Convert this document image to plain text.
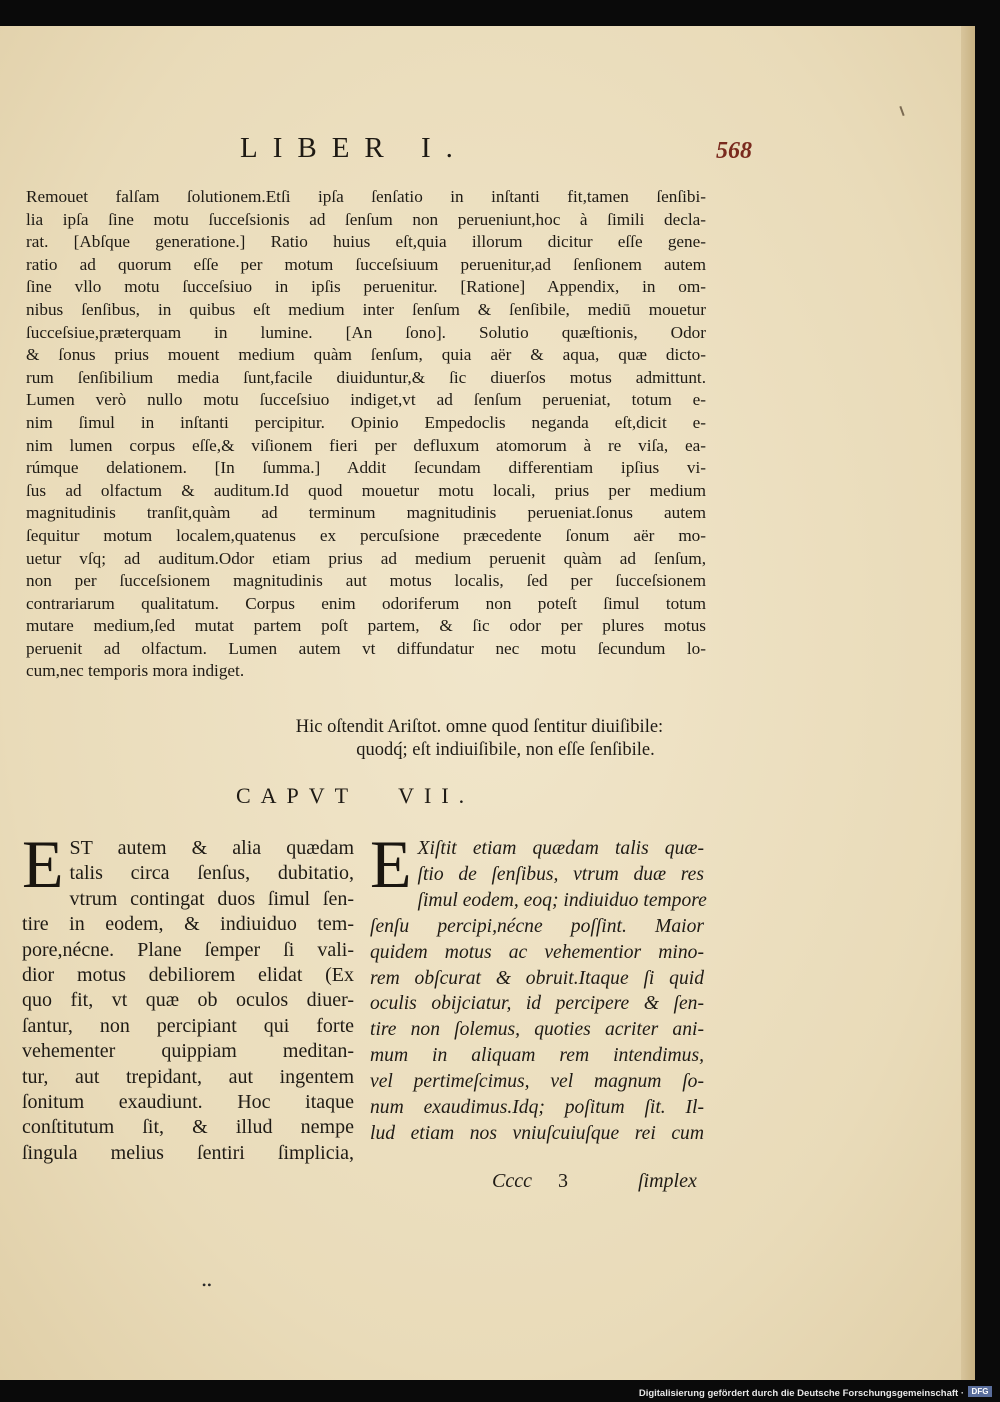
LIBER I.	568
Remouet falſam ſolutionem.Etſi ipſa ſenſatio in inſtanti fit,tamen ſenſibi-
lia ipſa ſine motu ſucceſsionis ad ſenſum non perueniunt,hoc à ſimili decla-
rat. [Abſque generatione.] Ratio huius eſt,quia illorum dicitur eſſe gene-
ratio ad quorum eſſe per motum ſucceſsiuum peruenitur,ad ſenſionem autem
ſine vllo motu ſucceſsiuo in ipſis peruenitur. [Ratione] Appendix, in om-
nibus ſenſibus, in quibus eſt medium inter ſenſum & ſenſibile, mediū mouetur
ſucceſsiue,præterquam in lumine. [An ſono]. Solutio quæſtionis, Odor
& ſonus prius mouent medium quàm ſenſum, quia aër & aqua, quæ dicto-
rum ſenſibilium media ſunt,facile diuiduntur,& ſic diuerſos motus admittunt.
Lumen verò nullo motu ſucceſsiuo indiget,vt ad ſenſum perueniat, totum e-
nim ſimul in inſtanti percipitur. Opinio Empedoclis neganda eſt,dicit e-
nim lumen corpus eſſe,& viſionem fieri per defluxum atomorum à re viſa, ea-
rúmque delationem. [In ſumma.] Addit ſecundam differentiam ipſius vi-
ſus ad olfactum & auditum.Id quod mouetur motu locali, prius per medium
magnitudinis tranſit,quàm ad terminum magnitudinis perueniat.ſonus autem
ſequitur motum localem,quatenus ex percuſsione præcedente ſonum aër mo-
uetur vſq; ad auditum.Odor etiam prius ad medium peruenit quàm ad ſenſum,
non per ſucceſsionem magnitudinis aut motus localis, ſed per ſucceſsionem
contrariarum qualitatum. Corpus enim odoriferum non poteſt ſimul totum
mutare medium,ſed mutat partem poſt partem, & ſic odor per plures motus
peruenit ad olfactum. Lumen autem vt diffundatur nec motu ſecundum lo-
cum,nec temporis mora indiget.
Hic oſtendit Ariſtot. omne quod ſentitur diuiſibile:
quodq́; eſt indiuiſibile, non eſſe ſenſibile.
CAPVT VII.
E ST autem & alia quædam
talis circa ſenſus, dubitatio,
vtrum contingat duos ſimul ſen-
tire in eodem, & indiuiduo tem-
pore,nécne. Plane ſemper ſi vali-
dior motus debiliorem elidat (Ex
quo fit, vt quæ ob oculos diuer-
ſantur, non percipiant qui forte
vehementer quippiam meditan-
tur, aut trepidant, aut ingentem
ſonitum exaudiunt. Hoc itaque
conſtitutum ſit, & illud nempe
ſingula melius ſentiri ſimplicia,
E Xiſtit etiam quædam talis quæ-
ſtio de ſenſibus, vtrum duæ res
ſimul eodem, eoq; indiuiduo tempore
ſenſu percipi,nécne poſſint. Maior
quidem motus ac vehementior mino-
rem obſcurat & obruit.Itaque ſi quid
oculis obijciatur, id percipere & ſen-
tire non ſolemus, quoties acriter ani-
mum in aliquam rem intendimus,
vel pertimeſcimus, vel magnum ſo-
num exaudimus.Idq; poſitum ſit. Il-
lud etiam nos vniuſcuiuſque rei cum
Cccc 3	ſimplex
••
Digitalisierung gefördert durch die Deutsche Forschungsgemeinschaft · DFG
